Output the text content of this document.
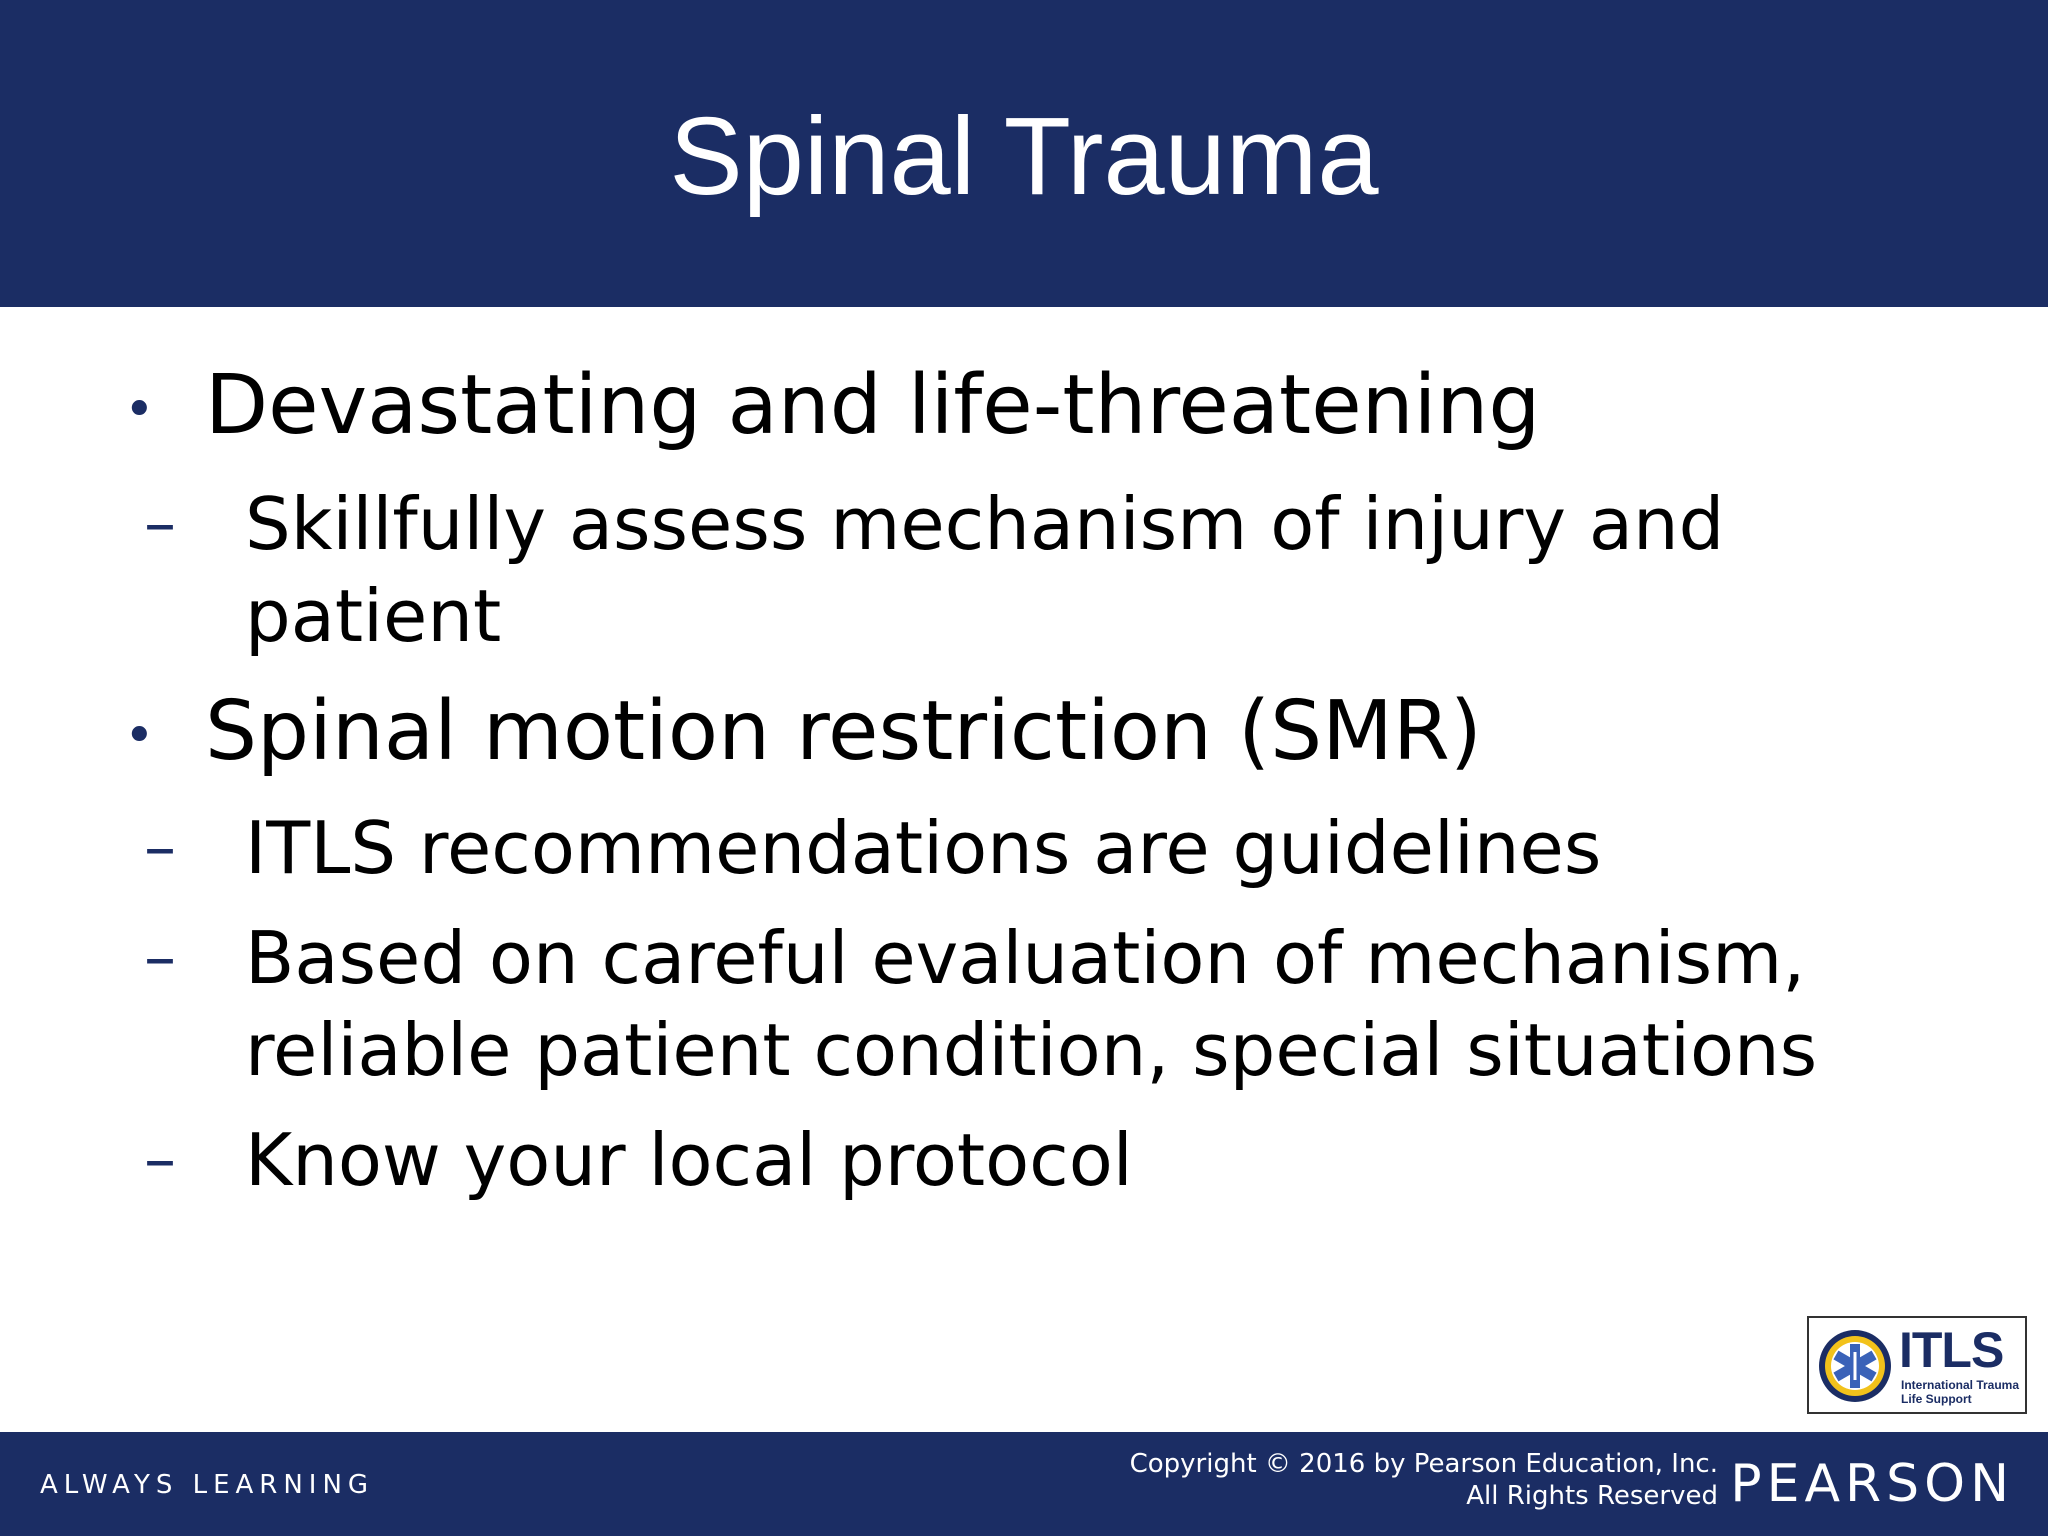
Spinal Trauma
• Devastating and life-threatening

– Skillfully assess mechanism of injury and patient

• Spinal motion restriction (SMR)

– ITLS recommendations are guidelines

– Based on careful evaluation of mechanism, reliable patient condition, special situations

– Know your local protocol

ITLS
International Trauma Life Support
ALWAYS LEARNING
Copyright © 2016 by Pearson Education, Inc.
All Rights Reserved PEARSON
